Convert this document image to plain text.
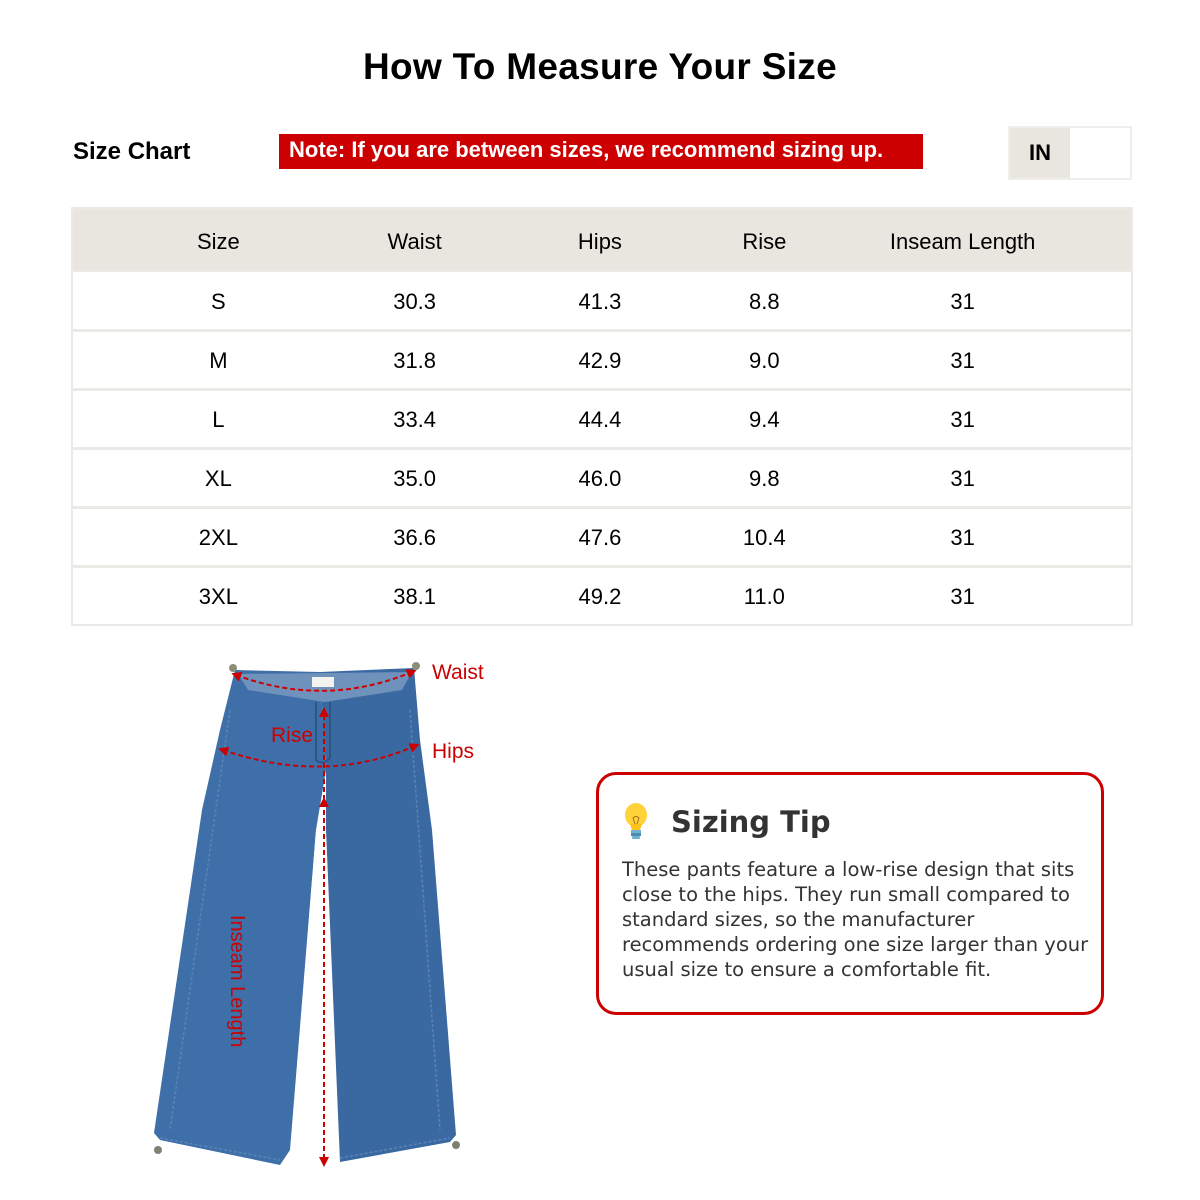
How To Measure Your Size
Size Chart	Note: If you are between sizes, we recommend sizing up.	IN
Size	Waist	Hips	Rise	Inseam Length
S	30.3	41.3	8.8	31
M	31.8	42.9	9.0	31
L	33.4	44.4	9.4	31
XL	35.0	46.0	9.8	31
2XL	36.6	47.6	10.4	31
3XL	38.1	49.2	11.0	31
Waist
Rise
Hips
Inseam Length
Sizing Tip
These pants feature a low-rise design that sits close to the hips. They run small compared to standard sizes, so the manufacturer recommends ordering one size larger than your usual size to ensure a comfortable fit.
